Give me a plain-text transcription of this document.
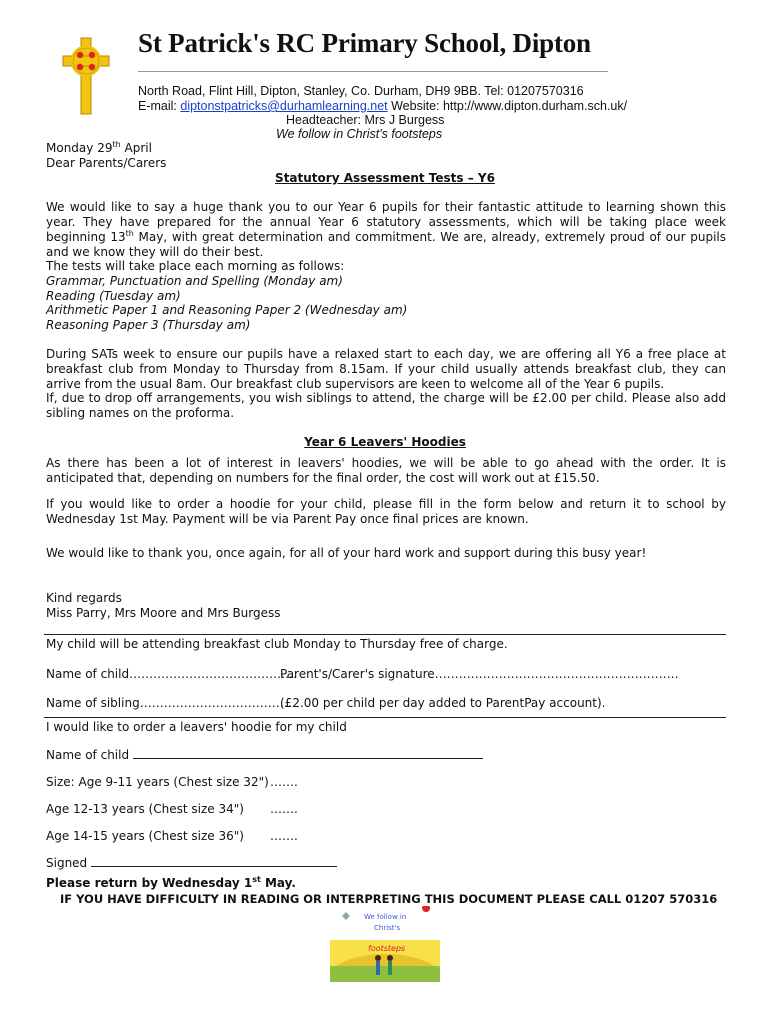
St Patrick's RC Primary School, Dipton
North Road, Flint Hill, Dipton, Stanley, Co. Durham, DH9 9BB. Tel: 01207570316
E-mail: diptonstpatricks@durhamlearning.net Website: http://www.dipton.durham.sch.uk/
Headteacher: Mrs J Burgess
We follow in Christ's footsteps
Monday 29th April
Dear Parents/Carers
Statutory Assessment Tests – Y6
We would like to say a huge thank you to our Year 6 pupils for their fantastic attitude to learning shown this year. They have prepared for the annual Year 6 statutory assessments, which will be taking place week beginning 13th May, with great determination and commitment. We are, already, extremely proud of our pupils and we know they will do their best.
The tests will take place each morning as follows:
Grammar, Punctuation and Spelling (Monday am)
Reading (Tuesday am)
Arithmetic Paper 1 and Reasoning Paper 2 (Wednesday am)
Reasoning Paper 3 (Thursday am)
During SATs week to ensure our pupils have a relaxed start to each day, we are offering all Y6 a free place at breakfast club from Monday to Thursday from 8.15am. If your child usually attends breakfast club, they can arrive from the usual 8am. Our breakfast club supervisors are keen to welcome all of the Year 6 pupils.
If, due to drop off arrangements, you wish siblings to attend, the charge will be £2.00 per child. Please also add sibling names on the proforma.
Year 6 Leavers' Hoodies
As there has been a lot of interest in leavers' hoodies, we will be able to go ahead with the order. It is anticipated that, depending on numbers for the final order, the cost will work out at £15.50.
If you would like to order a hoodie for your child, please fill in the form below and return it to school by Wednesday 1st May. Payment will be via Parent Pay once final prices are known.
We would like to thank you, once again, for all of your hard work and support during this busy year!
Kind regards
Miss Parry, Mrs Moore and Mrs Burgess
My child will be attending breakfast club Monday to Thursday free of charge.
Name of child……………………………………
Parent's/Carer's signature…………………………………………………….
Name of sibling…………………………………
(£2.00 per child per day added to ParentPay account).
I would like to order a leavers' hoodie for my child
Name of child
Size: Age 9-11 years (Chest size 32") …….
Age 12-13 years (Chest size 34") …….
Age 14-15 years (Chest size 36") …….
Signed
Please return by Wednesday 1st May.
IF YOU HAVE DIFFICULTY IN READING OR INTERPRETING THIS DOCUMENT PLEASE CALL 01207 570316
We follow in
Christ's
footsteps
